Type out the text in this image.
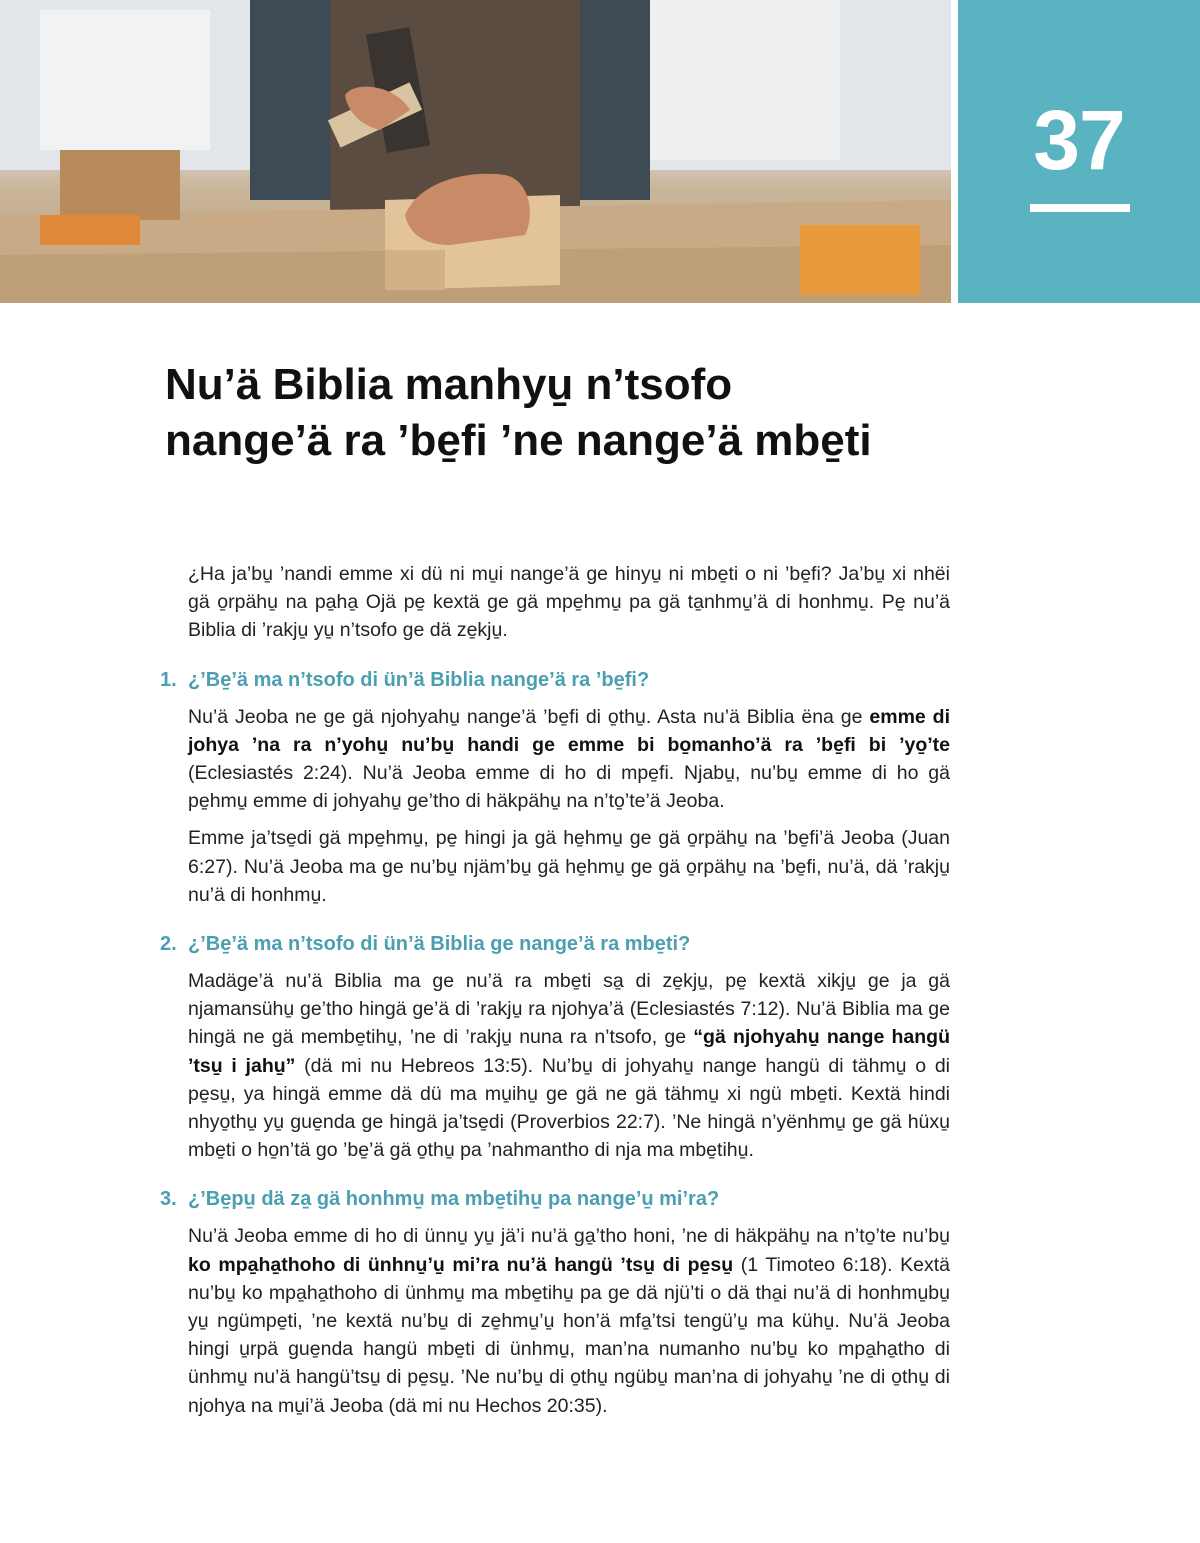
37
Nu’ä Biblia manhyu̱ n’tsofo nange’ä ra ’be̱fi ’ne nange’ä mbe̱ti

¿Ha ja’bu̱ ’nandi emme xi dü ni mu̱i nange’ä ge hinyu̱ ni mbe̱ti o ni ’be̱fi? Ja’bu̱ xi nhëi gä o̱rpähu̱ na pa̱ha̱ Ojä pe̱ kextä ge gä mpe̱hmu̱ pa gä ta̱nhmu̱’ä di honhmu̱. Pe̱ nu’ä Biblia di ’rakju̱ yu̱ n’tsofo ge dä ze̱kju̱.

1. ¿’Be̱’ä ma n’tsofo di ün’ä Biblia nange’ä ra ’be̱fi?

Nu’ä Jeoba ne ge gä njohyahu̱ nange’ä ’be̱fi di o̱thu̱. Asta nu’ä Biblia ëna ge emme di johya ’na ra n’yohu̱ nu’bu̱ handi ge emme bi bo̱manho’ä ra ’be̱fi bi ’yo̱’te (Eclesiastés 2:24). Nu’ä Jeoba emme di ho di mpe̱fi. Njabu̱, nu’bu̱ emme di ho gä pe̱hmu̱ emme di johyahu̱ ge’tho di häkpähu̱ na n’to̱’te’ä Jeoba.

Emme ja’tse̱di gä mpe̱hmu̱, pe̱ hingi ja gä he̱hmu̱ ge gä o̱rpähu̱ na ’be̱fi’ä Jeoba (Juan 6:27). Nu’ä Jeoba ma ge nu’bu̱ njäm’bu̱ gä he̱hmu̱ ge gä o̱rpähu̱ na ’be̱fi, nu’ä, dä ’rakju̱ nu’ä di honhmu̱.

2. ¿’Be̱’ä ma n’tsofo di ün’ä Biblia ge nange’ä ra mbe̱ti?

Madäge’ä nu’ä Biblia ma ge nu’ä ra mbe̱ti sa̱ di ze̱kju̱, pe̱ kextä xikju̱ ge ja gä njamansühu̱ ge’tho hingä ge’ä di ’rakju̱ ra njohya’ä (Eclesiastés 7:12). Nu’ä Biblia ma ge hingä ne gä membe̱tihu̱, ’ne di ’rakju̱ nuna ra n’tsofo, ge “gä njohyahu̱ nange hangü ’tsu̱ i jahu̱” (dä mi nu Hebreos 13:5). Nu’bu̱ di johyahu̱ nange hangü di tähmu̱ o di pe̱su̱, ya hingä emme dä dü ma mu̱ihu̱ ge gä ne gä tähmu̱ xi ngü mbe̱ti. Kextä hindi nhyo̱thu̱ yu̱ gue̱nda ge hingä ja’tse̱di (Proverbios 22:7). ’Ne hingä n’yënhmu̱ ge gä hüxu̱ mbe̱ti o ho̱n’tä go ’be̱’ä gä o̱thu̱ pa ’nahmantho di nja ma mbe̱tihu̱.

3. ¿’Be̱pu̱ dä za̱ gä honhmu̱ ma mbe̱tihu̱ pa nange’u̱ mi’ra?

Nu’ä Jeoba emme di ho di ünnu̱ yu̱ jä’i nu’ä ga̱’tho honi, ’ne di häkpähu̱ na n’to̱’te nu’bu̱ ko mpa̱ha̱thoho di ünhnu̱’u̱ mi’ra nu’ä hangü ’tsu̱ di pe̱su̱ (1 Timoteo 6:18). Kextä nu’bu̱ ko mpa̱ha̱thoho di ünhmu̱ ma mbe̱tihu̱ pa ge dä njü’ti o dä tha̱i nu’ä di honhmu̱bu̱ yu̱ ngümpe̱ti, ’ne kextä nu’bu̱ di ze̱hmu̱’u̱ hon’ä mfa̱’tsi tengü’u̱ ma kühu̱. Nu’ä Jeoba hingi u̱rpä gue̱nda hangü mbe̱ti di ünhmu̱, man’na numanho nu’bu̱ ko mpa̱ha̱tho di ünhmu̱ nu’ä hangü’tsu̱ di pe̱su̱. ’Ne nu’bu̱ di o̱thu̱ ngübu̱ man’na di johyahu̱ ’ne di o̱thu̱ di njohya na mu̱i’ä Jeoba (dä mi nu Hechos 20:35).
